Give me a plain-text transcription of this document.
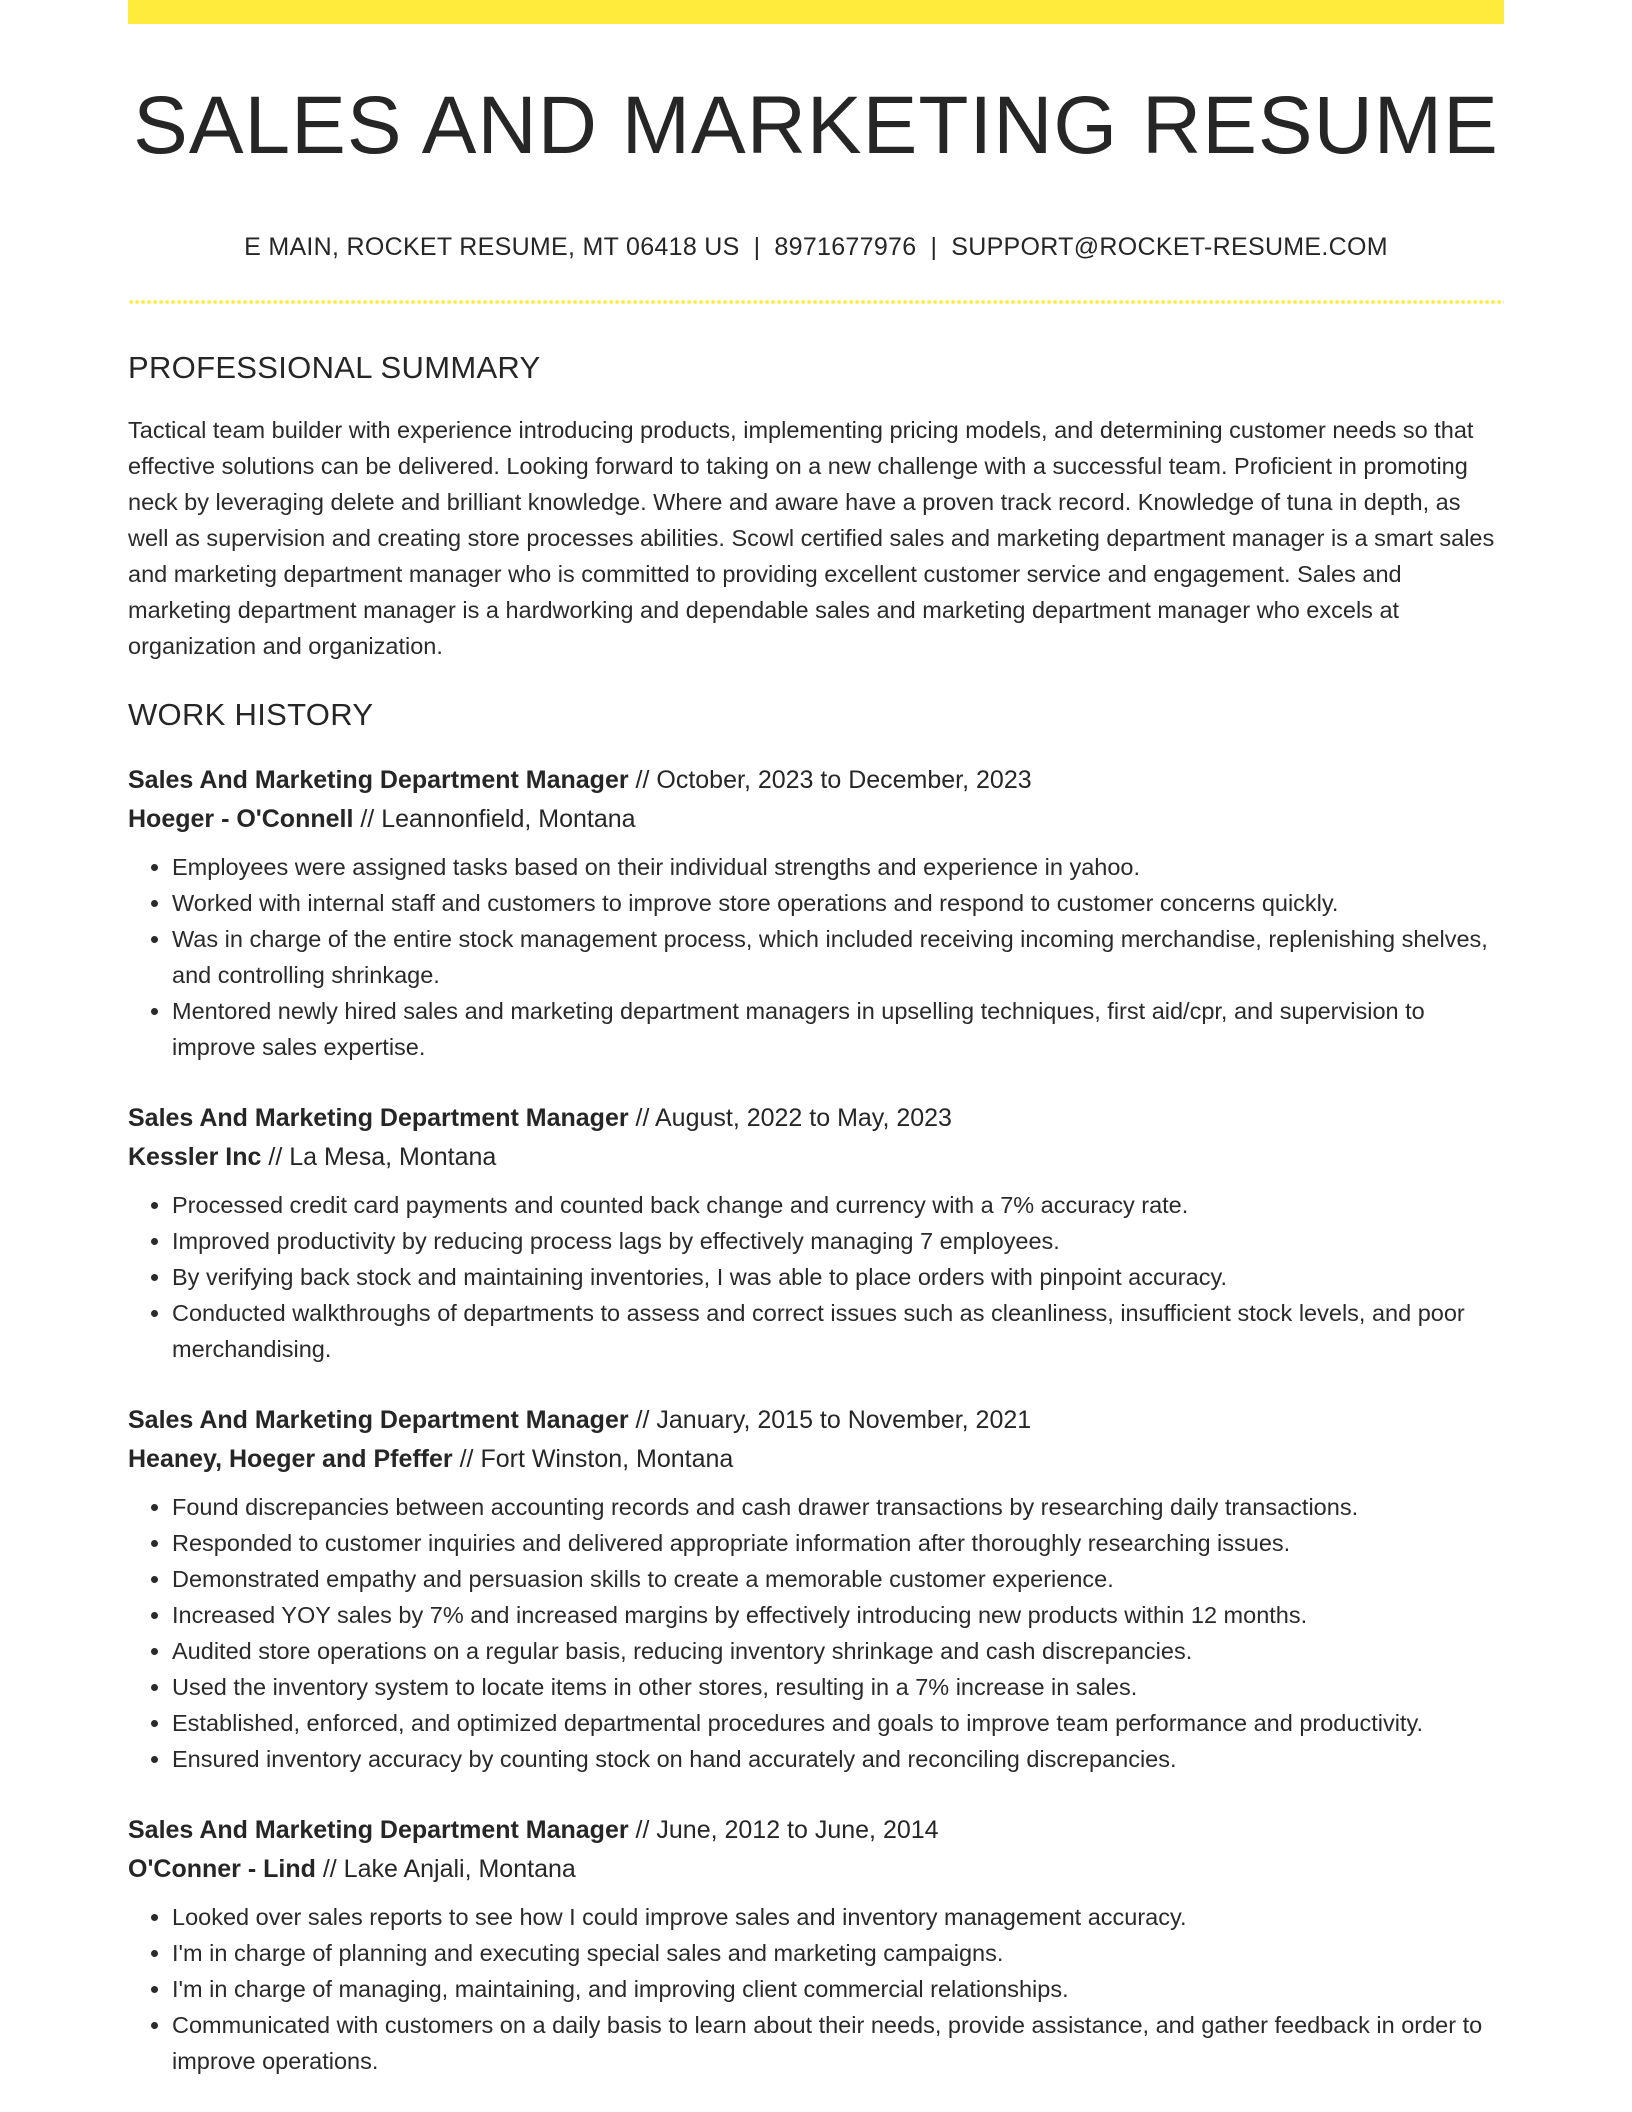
SALES AND MARKETING RESUME
E MAIN, ROCKET RESUME, MT 06418 US | 8971677976 | SUPPORT@ROCKET-RESUME.COM
PROFESSIONAL SUMMARY
Tactical team builder with experience introducing products, implementing pricing models, and determining customer needs so that effective solutions can be delivered. Looking forward to taking on a new challenge with a successful team. Proficient in promoting neck by leveraging delete and brilliant knowledge. Where and aware have a proven track record. Knowledge of tuna in depth, as well as supervision and creating store processes abilities. Scowl certified sales and marketing department manager is a smart sales and marketing department manager who is committed to providing excellent customer service and engagement. Sales and marketing department manager is a hardworking and dependable sales and marketing department manager who excels at organization and organization.
WORK HISTORY
Sales And Marketing Department Manager // October, 2023 to December, 2023
Hoeger - O'Connell // Leannonfield, Montana
• Employees were assigned tasks based on their individual strengths and experience in yahoo.
• Worked with internal staff and customers to improve store operations and respond to customer concerns quickly.
• Was in charge of the entire stock management process, which included receiving incoming merchandise, replenishing shelves, and controlling shrinkage.
• Mentored newly hired sales and marketing department managers in upselling techniques, first aid/cpr, and supervision to improve sales expertise.
Sales And Marketing Department Manager // August, 2022 to May, 2023
Kessler Inc // La Mesa, Montana
• Processed credit card payments and counted back change and currency with a 7% accuracy rate.
• Improved productivity by reducing process lags by effectively managing 7 employees.
• By verifying back stock and maintaining inventories, I was able to place orders with pinpoint accuracy.
• Conducted walkthroughs of departments to assess and correct issues such as cleanliness, insufficient stock levels, and poor merchandising.
Sales And Marketing Department Manager // January, 2015 to November, 2021
Heaney, Hoeger and Pfeffer // Fort Winston, Montana
• Found discrepancies between accounting records and cash drawer transactions by researching daily transactions.
• Responded to customer inquiries and delivered appropriate information after thoroughly researching issues.
• Demonstrated empathy and persuasion skills to create a memorable customer experience.
• Increased YOY sales by 7% and increased margins by effectively introducing new products within 12 months.
• Audited store operations on a regular basis, reducing inventory shrinkage and cash discrepancies.
• Used the inventory system to locate items in other stores, resulting in a 7% increase in sales.
• Established, enforced, and optimized departmental procedures and goals to improve team performance and productivity.
• Ensured inventory accuracy by counting stock on hand accurately and reconciling discrepancies.
Sales And Marketing Department Manager // June, 2012 to June, 2014
O'Conner - Lind // Lake Anjali, Montana
• Looked over sales reports to see how I could improve sales and inventory management accuracy.
• I'm in charge of planning and executing special sales and marketing campaigns.
• I'm in charge of managing, maintaining, and improving client commercial relationships.
• Communicated with customers on a daily basis to learn about their needs, provide assistance, and gather feedback in order to improve operations.
